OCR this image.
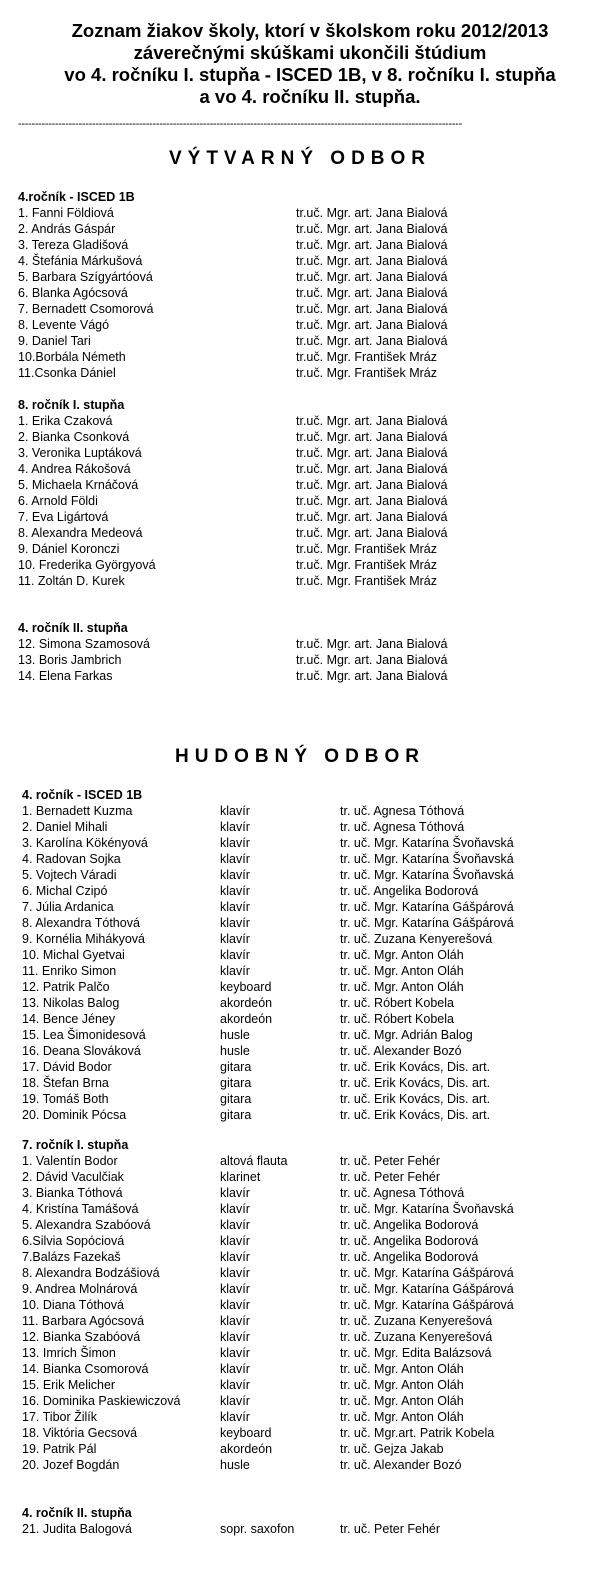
Zoznam žiakov školy, ktorí v školskom roku 2012/2013
záverečnými skúškami ukončili štúdium
vo 4. ročníku I. stupňa - ISCED 1B, v 8. ročníku I. stupňa
a vo 4. ročníku II. stupňa.
------------------------------------------------------------------------------------------------------------------------------------
VÝTVARNÝ ODBOR
4.ročník - ISCED 1B
1. Fanni Földiová	tr.uč. Mgr. art. Jana Bialová
2. András Gáspár	tr.uč. Mgr. art. Jana Bialová
3. Tereza Gladišová	tr.uč. Mgr. art. Jana Bialová
4. Štefánia Márkušová	tr.uč. Mgr. art. Jana Bialová
5. Barbara Szígyártóová	tr.uč. Mgr. art. Jana Bialová
6. Blanka Agócsová	tr.uč. Mgr. art. Jana Bialová
7. Bernadett Csomorová	tr.uč. Mgr. art. Jana Bialová
8. Levente Vágó	tr.uč. Mgr. art. Jana Bialová
9. Daniel Tari	tr.uč. Mgr. art. Jana Bialová
10.Borbála Németh	tr.uč. Mgr. František Mráz
11.Csonka Dániel	tr.uč. Mgr. František Mráz
8. ročník I. stupňa
1. Erika Czaková	tr.uč. Mgr. art. Jana Bialová
2. Bianka Csonková	tr.uč. Mgr. art. Jana Bialová
3. Veronika Luptáková	tr.uč. Mgr. art. Jana Bialová
4. Andrea Rákošová	tr.uč. Mgr. art. Jana Bialová
5. Michaela Krnáčová	tr.uč. Mgr. art. Jana Bialová
6. Arnold Földi	tr.uč. Mgr. art. Jana Bialová
7. Eva Ligártová	tr.uč. Mgr. art. Jana Bialová
8. Alexandra Medeová	tr.uč. Mgr. art. Jana Bialová
9. Dániel Koronczi	tr.uč. Mgr. František Mráz
10. Frederika Györgyová	tr.uč. Mgr. František Mráz
11. Zoltán D. Kurek	tr.uč. Mgr. František Mráz
4. ročník II. stupňa
12. Simona Szamosová	tr.uč. Mgr. art. Jana Bialová
13. Boris Jambrich	tr.uč. Mgr. art. Jana Bialová
14. Elena Farkas	tr.uč. Mgr. art. Jana Bialová
HUDOBNÝ ODBOR
4. ročník - ISCED 1B
1. Bernadett Kuzma	klavír	tr. uč. Agnesa Tóthová
2. Daniel Mihali	klavír	tr. uč. Agnesa Tóthová
3. Karolína Kökényová	klavír	tr. uč. Mgr. Katarína Švoňavská
4. Radovan Sojka	klavír	tr. uč. Mgr. Katarína Švoňavská
5. Vojtech Váradi	klavír	tr. uč. Mgr. Katarína Švoňavská
6. Michal Czipó	klavír	tr. uč. Angelika Bodorová
7. Júlia Ardanica	klavír	tr. uč. Mgr. Katarína Gášpárová
8. Alexandra Tóthová	klavír	tr. uč. Mgr. Katarína Gášpárová
9. Kornélia Mihákyová	klavír	tr. uč. Zuzana Kenyerešová
10. Michal Gyetvai	klavír	tr. uč. Mgr. Anton Oláh
11. Enriko Simon	klavír	tr. uč. Mgr. Anton Oláh
12. Patrik Palčo	keyboard	tr. uč. Mgr. Anton Oláh
13. Nikolas Balog	akordeón	tr. uč. Róbert Kobela
14. Bence Jéney	akordeón	tr. uč. Róbert Kobela
15. Lea Šimonidesová	husle	tr. uč. Mgr. Adrián Balog
16. Deana Slováková	husle	tr. uč. Alexander Bozó
17. Dávid Bodor	gitara	tr. uč. Erik Kovács, Dis. art.
18. Štefan Brna	gitara	tr. uč. Erik Kovács, Dis. art.
19. Tomáš Both	gitara	tr. uč. Erik Kovács, Dis. art.
20. Dominik Pócsa	gitara	tr. uč. Erik Kovács, Dis. art.
7. ročník I. stupňa
1. Valentín Bodor	altová flauta	tr. uč. Peter Fehér
2. Dávid Vaculčiak	klarinet	tr. uč. Peter Fehér
3. Bianka Tóthová	klavír	tr. uč. Agnesa Tóthová
4. Kristína Tamášová	klavír	tr. uč. Mgr. Katarína Švoňavská
5. Alexandra Szabóová	klavír	tr. uč. Angelika Bodorová
6.Silvia Sopóciová	klavír	tr. uč. Angelika Bodorová
7.Balázs Fazekaš	klavír	tr. uč. Angelika Bodorová
8. Alexandra Bodzášiová	klavír	tr. uč. Mgr. Katarína Gášpárová
9. Andrea Molnárová	klavír	tr. uč. Mgr. Katarína Gášpárová
10. Diana Tóthová	klavír	tr. uč. Mgr. Katarína Gášpárová
11. Barbara Agócsová	klavír	tr. uč. Zuzana Kenyerešová
12. Bianka Szabóová	klavír	tr. uč. Zuzana Kenyerešová
13. Imrich Šimon	klavír	tr. uč. Mgr. Edita Balázsová
14. Bianka Csomorová	klavír	tr. uč. Mgr. Anton Oláh
15. Erik Melicher	klavír	tr. uč. Mgr. Anton Oláh
16. Dominika Paskiewiczová	klavír	tr. uč. Mgr. Anton Oláh
17. Tibor Žilík	klavír	tr. uč. Mgr. Anton Oláh
18. Viktória Gecsová	keyboard	tr. uč. Mgr.art. Patrik Kobela
19. Patrik Pál	akordeón	tr. uč. Gejza Jakab
20. Jozef Bogdán	husle	tr. uč. Alexander Bozó
4. ročník II. stupňa
21. Judita Balogová	sopr. saxofon	tr. uč. Peter Fehér
